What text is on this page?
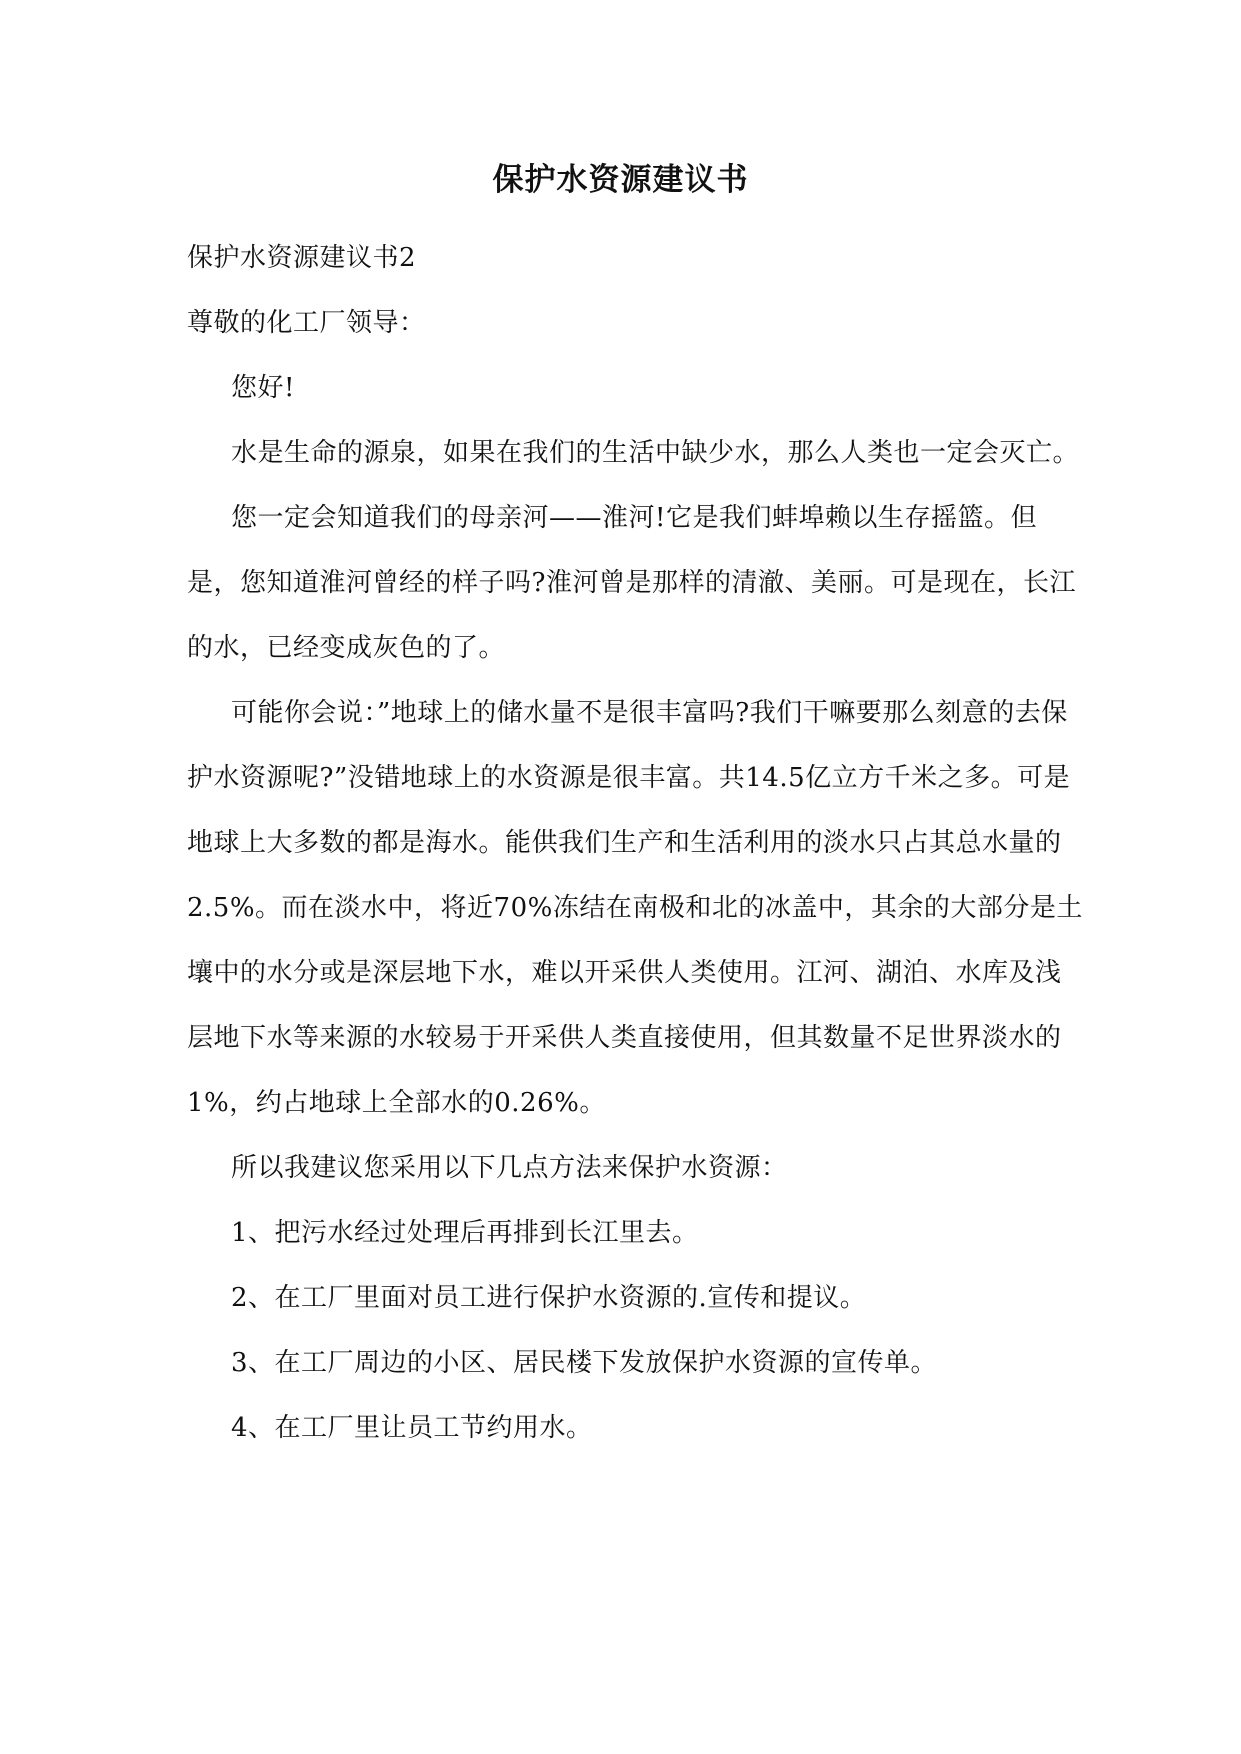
保护水资源建议书

保护水资源建议书2

尊敬的化工厂领导：

您好!

水是生命的源泉，如果在我们的生活中缺少水，那么人类也一定会灭亡。

您一定会知道我们的母亲河——淮河!它是我们蚌埠赖以生存摇篮。但是，您知道淮河曾经的样子吗?淮河曾是那样的清澈、美丽。可是现在，长江的水，已经变成灰色的了。

可能你会说：”地球上的储水量不是很丰富吗?我们干嘛要那么刻意的去保护水资源呢?”没错地球上的水资源是很丰富。共14.5亿立方千米之多。可是地球上大多数的都是海水。能供我们生产和生活利用的淡水只占其总水量的2.5%。而在淡水中，将近70%冻结在南极和北的冰盖中，其余的大部分是土壤中的水分或是深层地下水，难以开采供人类使用。江河、湖泊、水库及浅层地下水等来源的水较易于开采供人类直接使用，但其数量不足世界淡水的1%，约占地球上全部水的0.26%。

所以我建议您采用以下几点方法来保护水资源：

1、把污水经过处理后再排到长江里去。

2、在工厂里面对员工进行保护水资源的.宣传和提议。

3、在工厂周边的小区、居民楼下发放保护水资源的宣传单。

4、在工厂里让员工节约用水。
